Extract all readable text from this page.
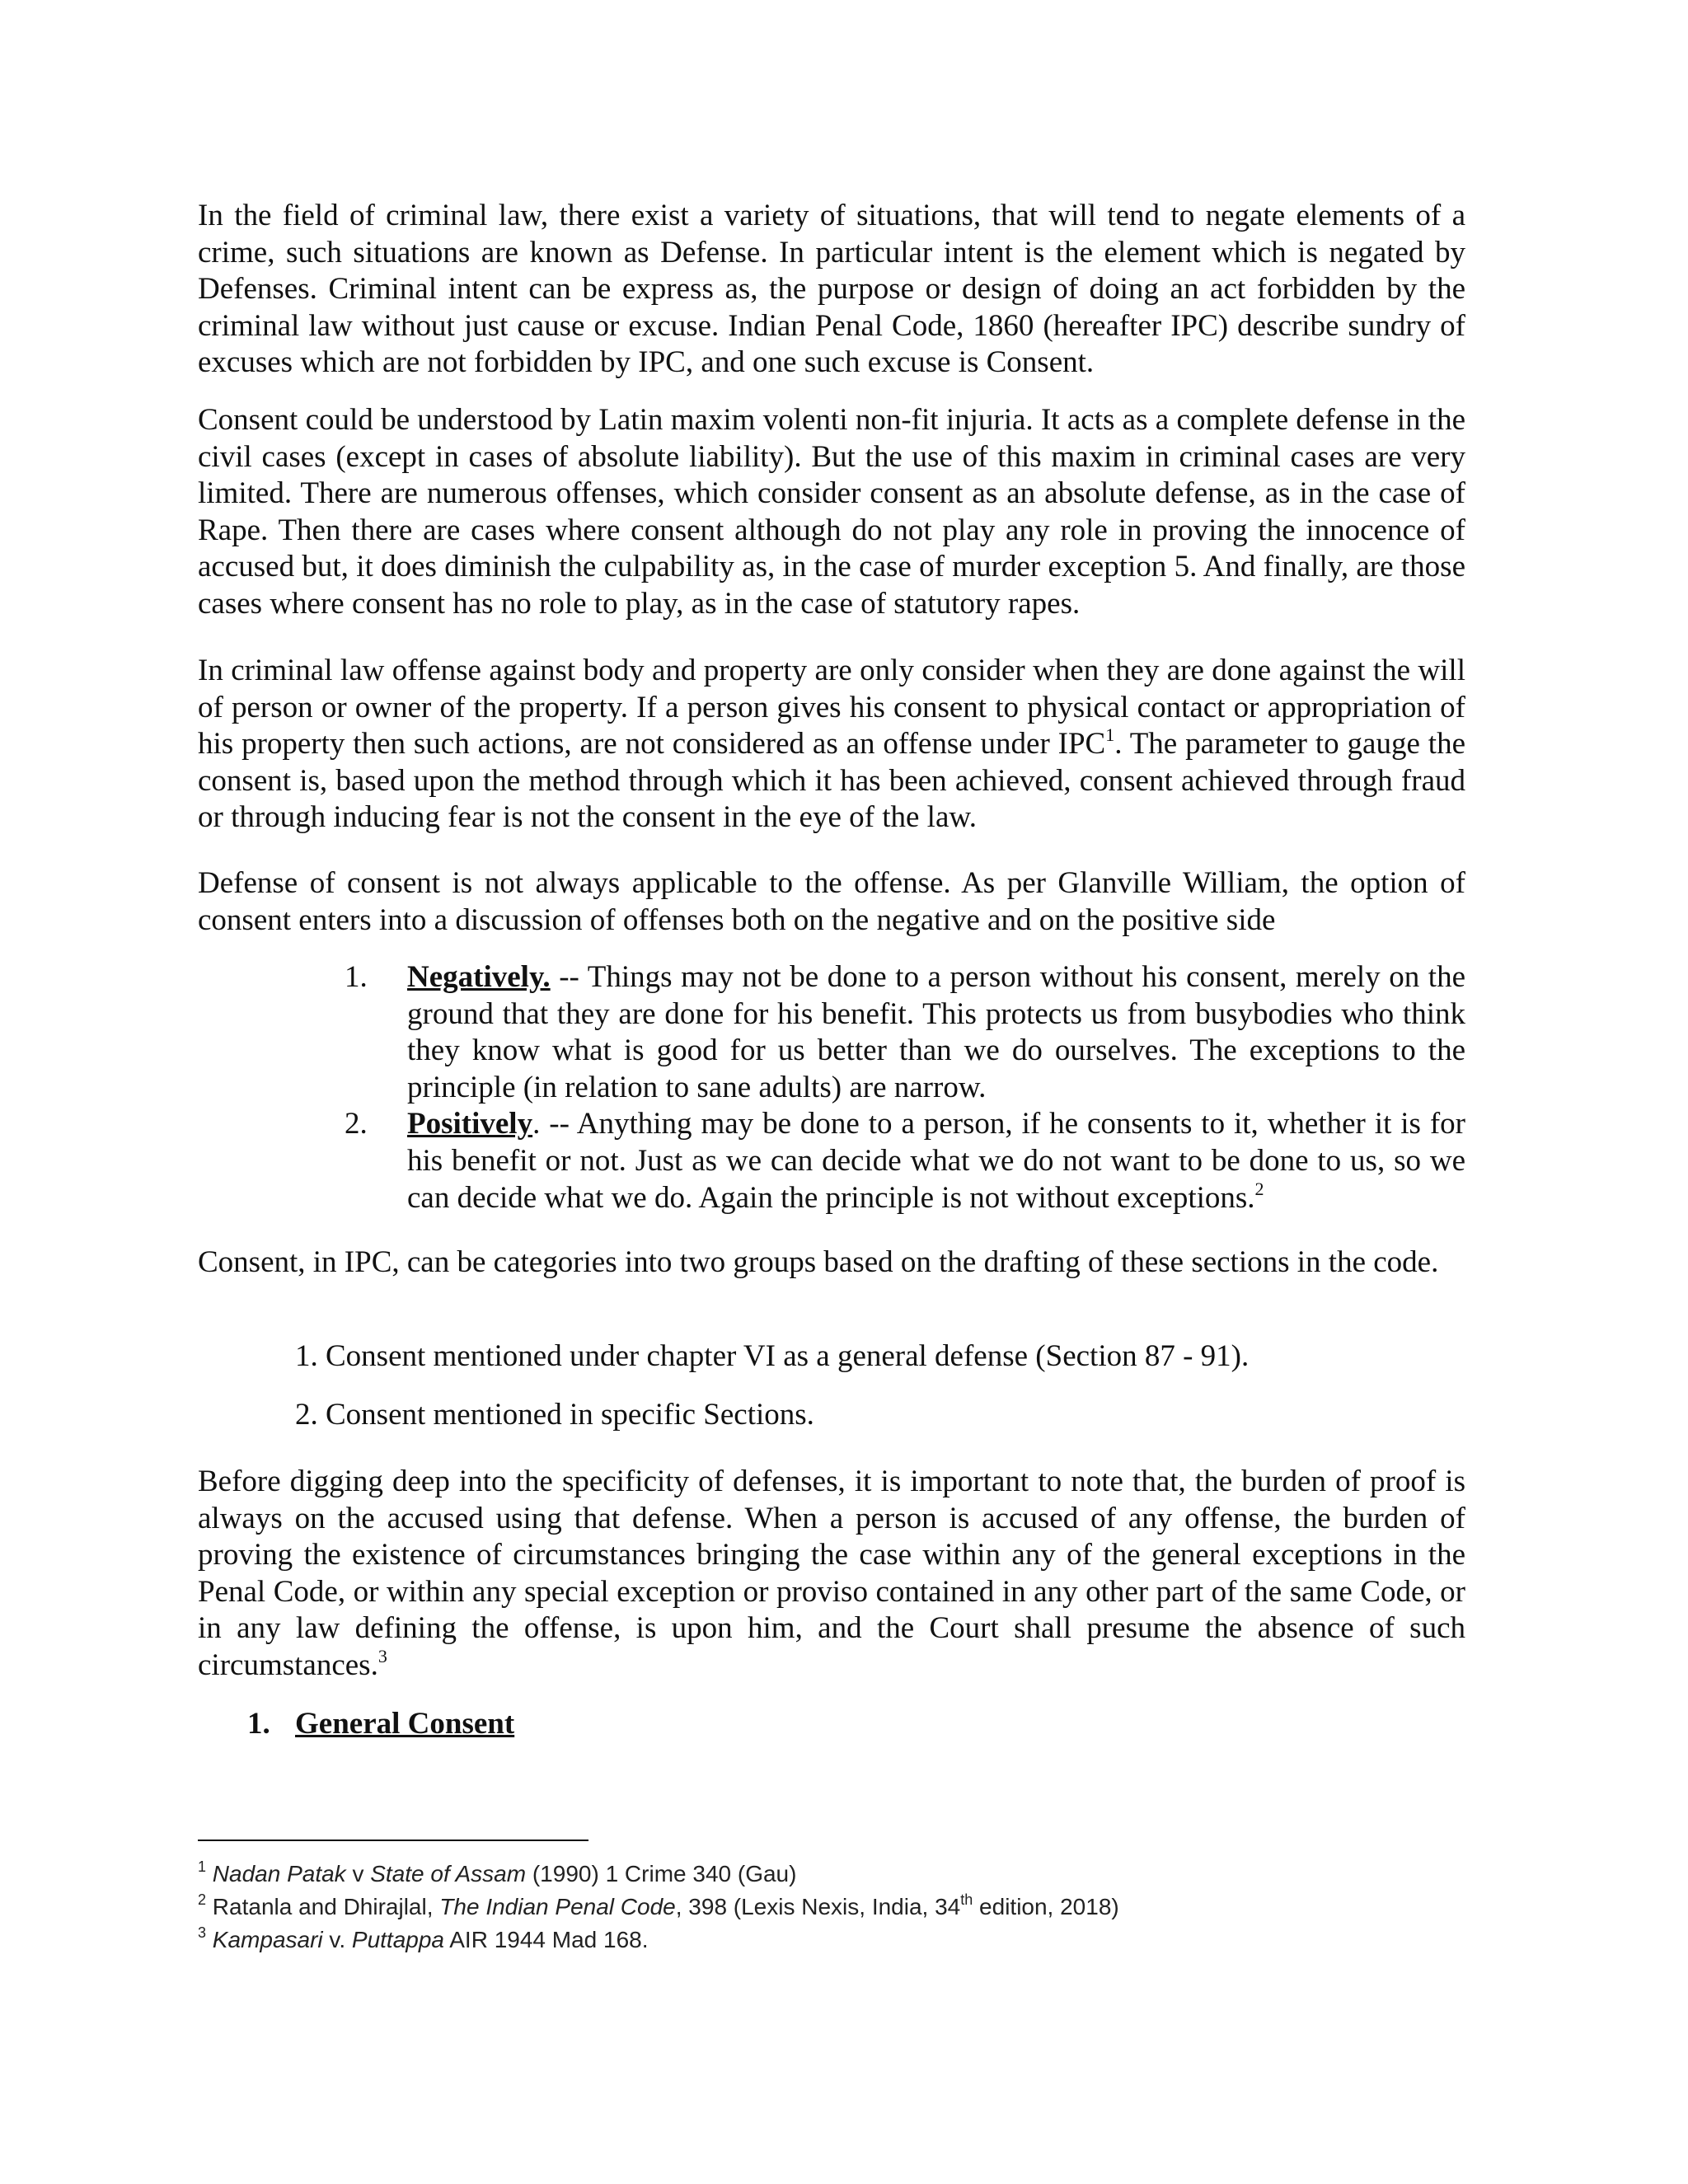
In the field of criminal law, there exist a variety of situations, that will tend to negate elements of a crime, such situations are known as Defense. In particular intent is the element which is negated by Defenses. Criminal intent can be express as, the purpose or design of doing an act forbidden by the criminal law without just cause or excuse. Indian Penal Code, 1860 (hereafter IPC) describe sundry of excuses which are not forbidden by IPC, and one such excuse is Consent.

Consent could be understood by Latin maxim volenti non-fit injuria. It acts as a complete defense in the civil cases (except in cases of absolute liability). But the use of this maxim in criminal cases are very limited. There are numerous offenses, which consider consent as an absolute defense, as in the case of Rape. Then there are cases where consent although do not play any role in proving the innocence of accused but, it does diminish the culpability as, in the case of murder exception 5. And finally, are those cases where consent has no role to play, as in the case of statutory rapes.

In criminal law offense against body and property are only consider when they are done against the will of person or owner of the property. If a person gives his consent to physical contact or appropriation of his property then such actions, are not considered as an offense under IPC$^1$. The parameter to gauge the consent is, based upon the method through which it has been achieved, consent achieved through fraud or through inducing fear is not the consent in the eye of the law.

Defense of consent is not always applicable to the offense. As per Glanville William, the option of consent enters into a discussion of offenses both on the negative and on the positive side

1. Negatively. -- Things may not be done to a person without his consent, merely on the ground that they are done for his benefit. This protects us from busybodies who think they know what is good for us better than we do ourselves. The exceptions to the principle (in relation to sane adults) are narrow.
2. Positively. -- Anything may be done to a person, if he consents to it, whether it is for his benefit or not. Just as we can decide what we do not want to be done to us, so we can decide what we do. Again the principle is not without exceptions.$^2$

Consent, in IPC, can be categories into two groups based on the drafting of these sections in the code.

1. Consent mentioned under chapter VI as a general defense (Section 87 - 91).
2. Consent mentioned in specific Sections.

Before digging deep into the specificity of defenses, it is important to note that, the burden of proof is always on the accused using that defense. When a person is accused of any offense, the burden of proving the existence of circumstances bringing the case within any of the general exceptions in the Penal Code, or within any special exception or proviso contained in any other part of the same Code, or in any law defining the offense, is upon him, and the Court shall presume the absence of such circumstances.$^3$

1. General Consent

$^1$ Nadan Patak v State of Assam (1990) 1 Crime 340 (Gau)

$^2$ Ratanla and Dhirajlal, The Indian Penal Code, 398 (Lexis Nexis, India, 34th edition, 2018)

$^3$ Kampasari v. Puttappa AIR 1944 Mad 168.
